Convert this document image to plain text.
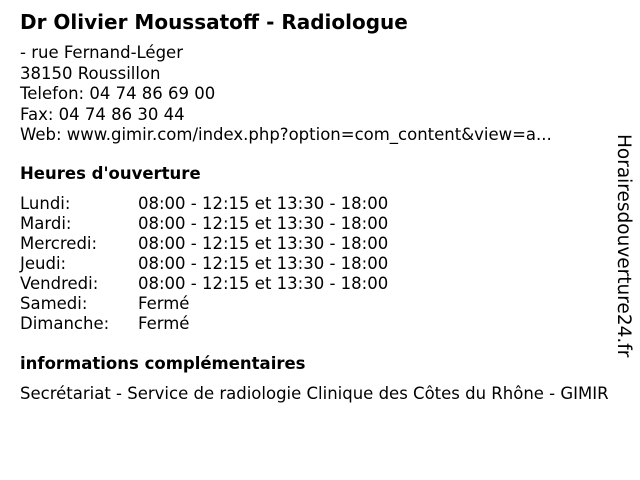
Dr Olivier Moussatoff - Radiologue
- rue Fernand-Léger
38150 Roussillon
Telefon: 04 74 86 69 00
Fax: 04 74 86 30 44
Web: www.gimir.com/index.php?option=com_content&view=a...
Heures d'ouverture
Lundi:	08:00 - 12:15 et 13:30 - 18:00
Mardi:	08:00 - 12:15 et 13:30 - 18:00
Mercredi: 08:00 - 12:15 et 13:30 - 18:00
Jeudi:	08:00 - 12:15 et 13:30 - 18:00
Vendredi: 08:00 - 12:15 et 13:30 - 18:00
Samedi:	Fermé
Dimanche: Fermé
informations complémentaires
Secrétariat - Service de radiologie Clinique des Côtes du Rhône - GIMIR
Horairesdouverture24.fr
